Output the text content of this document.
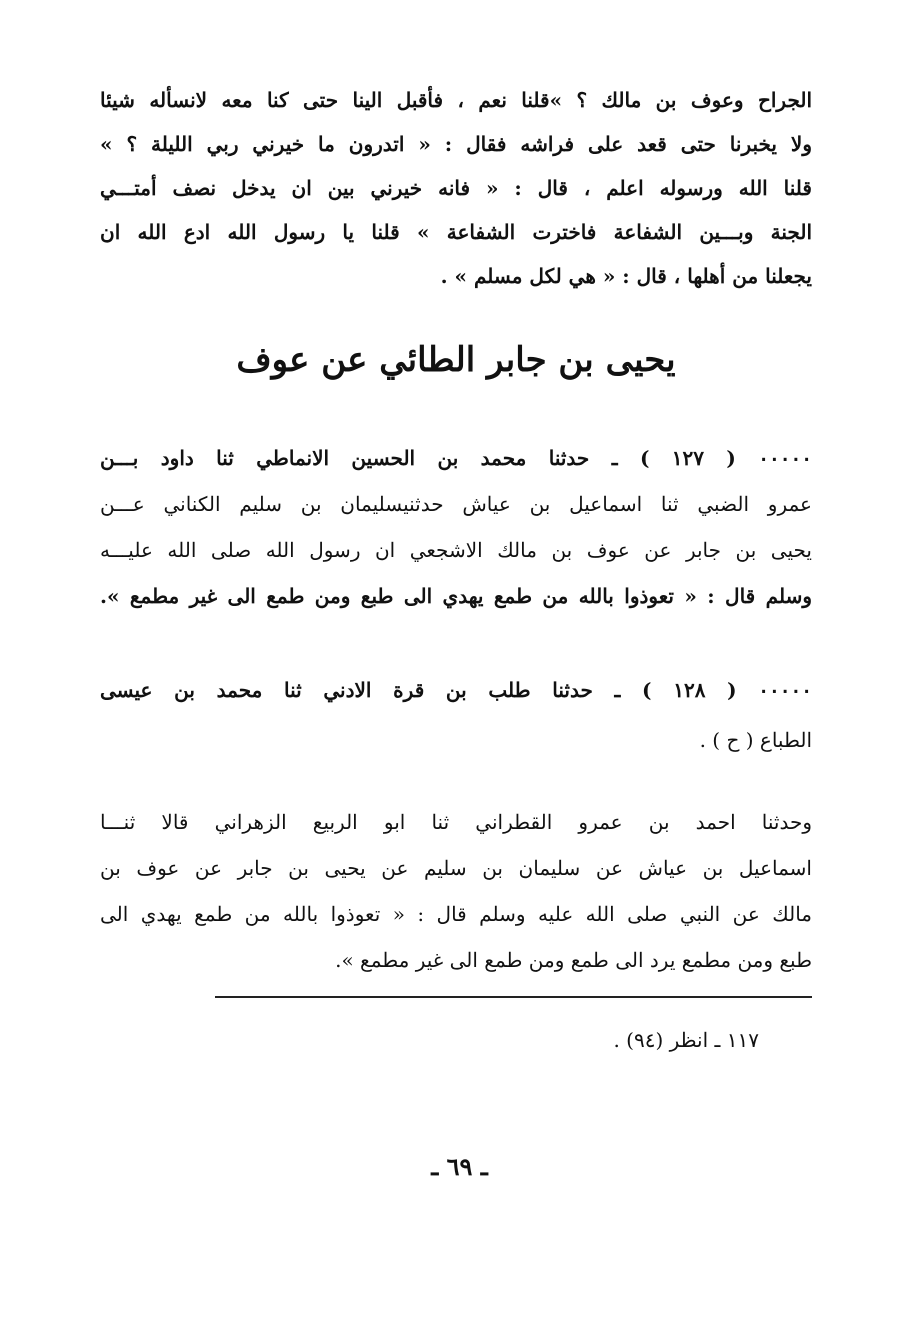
الجراح وعوف بن مالك ؟ »قلنا نعم ، فأقبل الينا حتى كنا معه لانسأله شيئا
ولا يخبرنا حتى قعد على فراشه فقال : « اتدرون ما خيرني ربي الليلة ؟ »
قلنا الله ورسوله اعلم ، قال : « فانه خيرني بين ان يدخل نصف أمتـــي
الجنة وبـــين الشفاعة فاخترت الشفاعة » قلنا يا رسول الله ادع الله ان
يجعلنا من أهلها ، قال : « هي لكل مسلم » .
يحيى بن جابر الطائي عن عوف
٠٠٠٠٠ ( ١٢٧ ) ـ حدثنا محمد بن الحسين الانماطي ثنا داود بـــن
عمرو الضبي ثنا اسماعيل بن عياش حدثنيسليمان بن سليم الكناني عـــن
يحيى بن جابر عن عوف بن مالك الاشجعي ان رسول الله صلى الله عليـــه
وسلم قال : « تعوذوا بالله من طمع يهدي الى طبع ومن طمع الى غير مطمع ».
٠٠٠٠٠ ( ١٢٨ ) ـ حدثنا طلب بن قرة الادني ثنا محمد بن عيسى
الطباع ( ح ) .
وحدثنا احمد بن عمرو القطراني ثنا ابو الربيع الزهراني قالا ثنـــا
اسماعيل بن عياش عن سليمان بن سليم عن يحيى بن جابر عن عوف بن
مالك عن النبي صلى الله عليه وسلم قال : « تعوذوا بالله من طمع يهدي الى
طبع ومن مطمع يرد الى طمع ومن طمع الى غير مطمع ».
١١٧ ـ انظر (٩٤) .
ـ ٦٩ ـ
